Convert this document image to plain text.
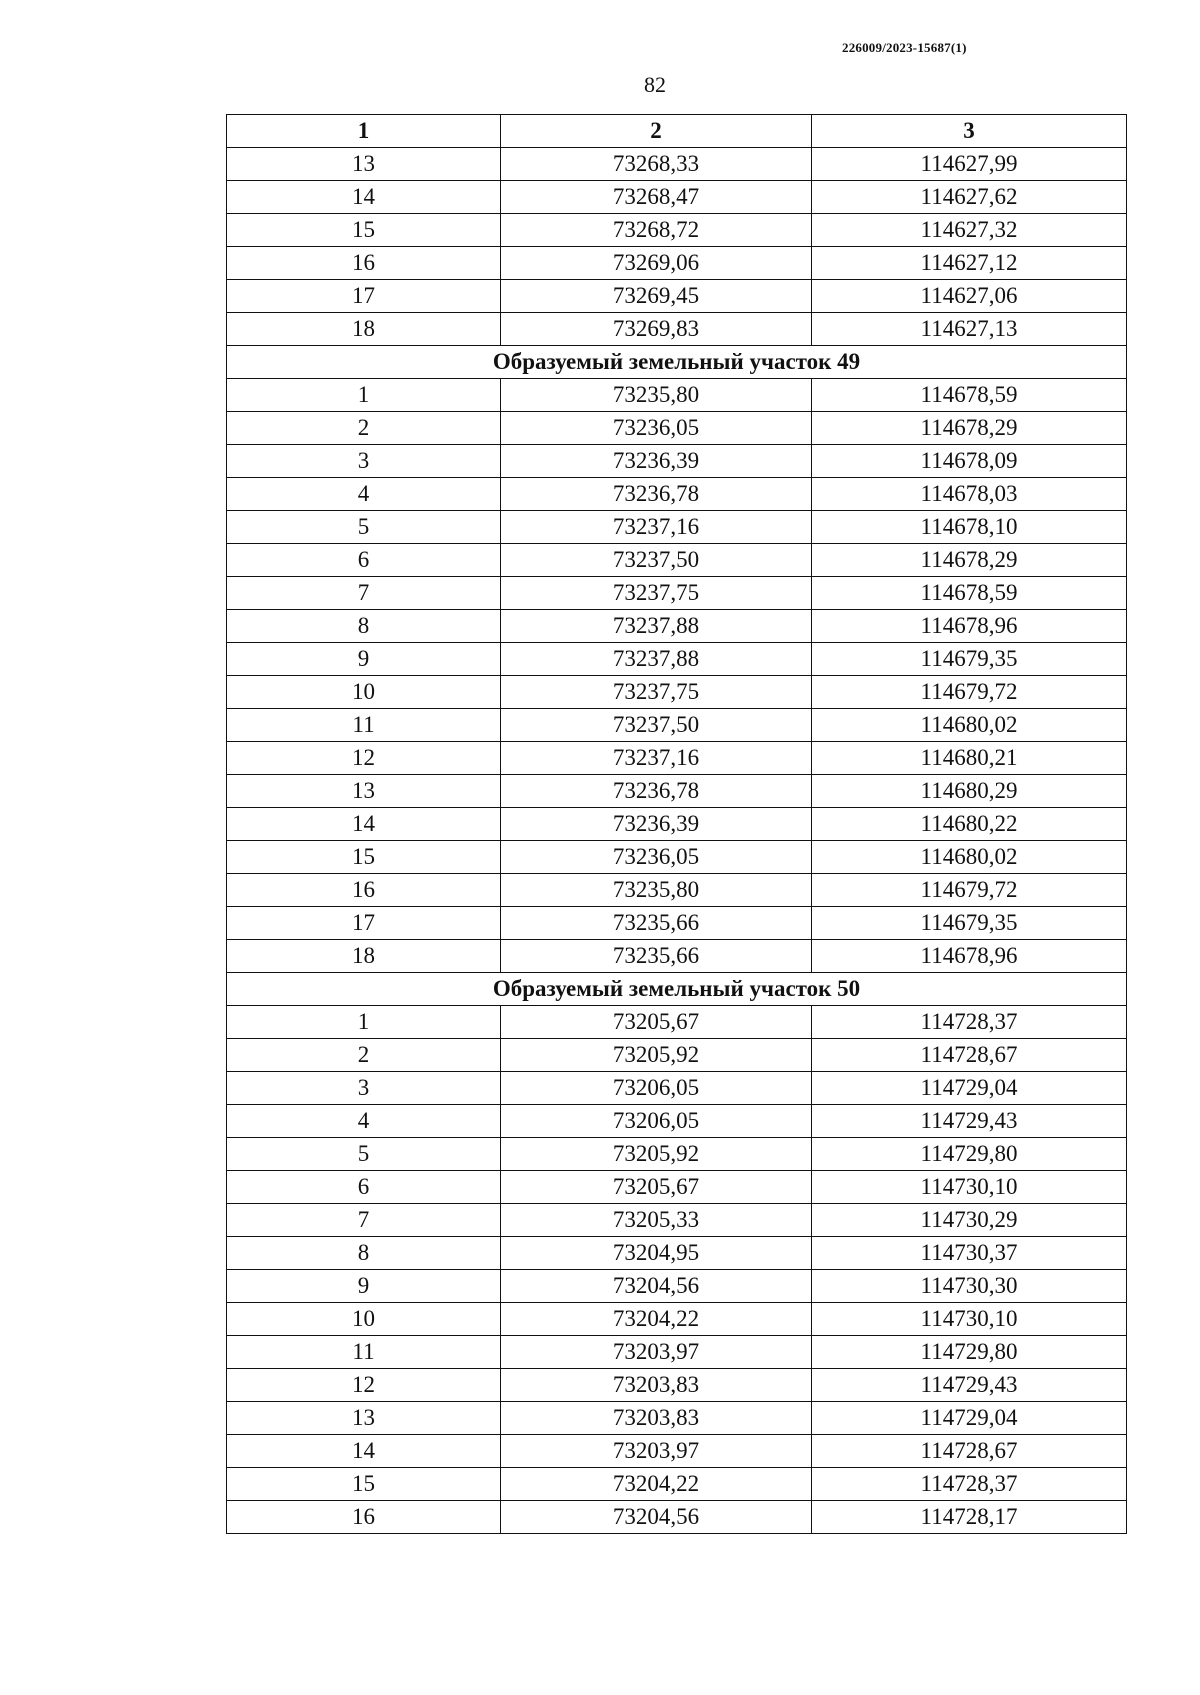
226009/2023-15687(1)
82
1	2	3
13	73268,33	114627,99
14	73268,47	114627,62
15	73268,72	114627,32
16	73269,06	114627,12
17	73269,45	114627,06
18	73269,83	114627,13
Образуемый земельный участок 49		
1	73235,80	114678,59
2	73236,05	114678,29
3	73236,39	114678,09
4	73236,78	114678,03
5	73237,16	114678,10
6	73237,50	114678,29
7	73237,75	114678,59
8	73237,88	114678,96
9	73237,88	114679,35
10	73237,75	114679,72
11	73237,50	114680,02
12	73237,16	114680,21
13	73236,78	114680,29
14	73236,39	114680,22
15	73236,05	114680,02
16	73235,80	114679,72
17	73235,66	114679,35
18	73235,66	114678,96
Образуемый земельный участок 50		
1	73205,67	114728,37
2	73205,92	114728,67
3	73206,05	114729,04
4	73206,05	114729,43
5	73205,92	114729,80
6	73205,67	114730,10
7	73205,33	114730,29
8	73204,95	114730,37
9	73204,56	114730,30
10	73204,22	114730,10
11	73203,97	114729,80
12	73203,83	114729,43
13	73203,83	114729,04
14	73203,97	114728,67
15	73204,22	114728,37
16	73204,56	114728,17
